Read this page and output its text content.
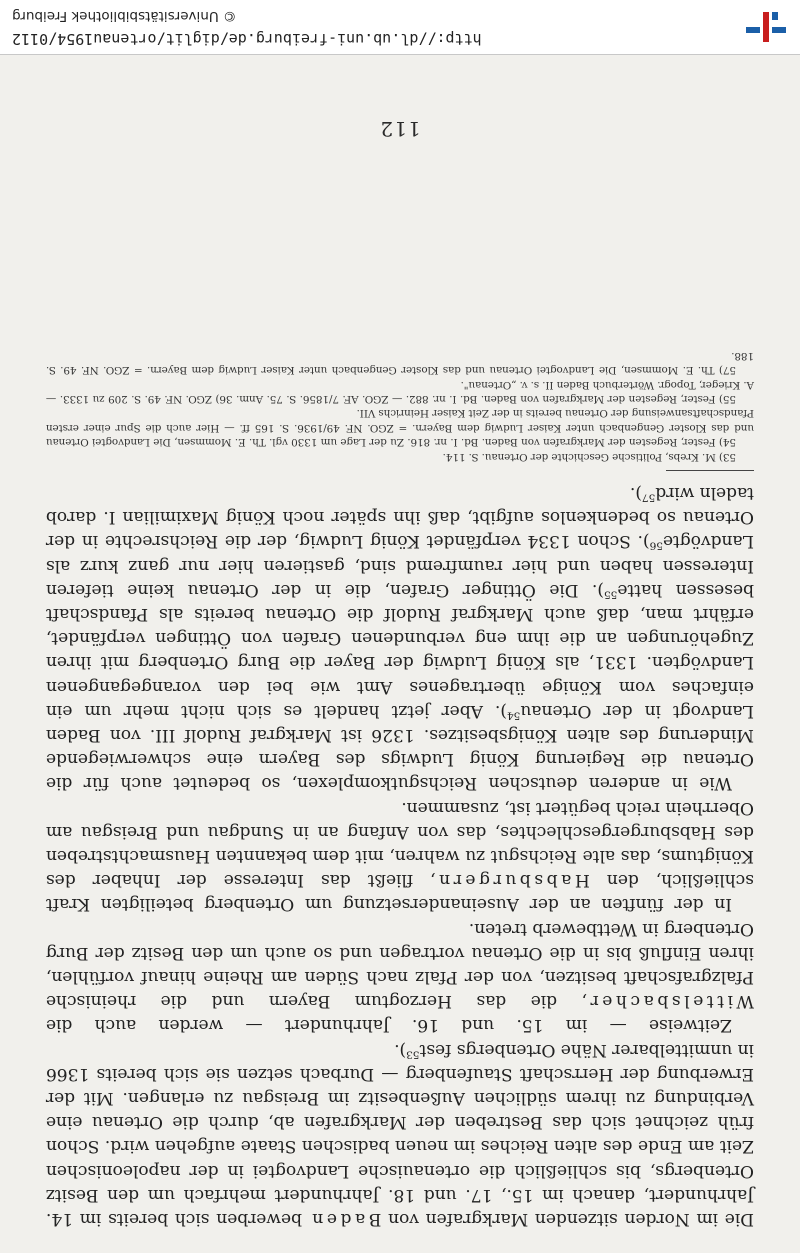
Die im Norden sitzenden Markgrafen von Baden bewerben sich bereits im 14. Jahrhundert, danach im 15., 17. und 18. Jahrhundert mehrfach um den Besitz Ortenbergs, bis schließlich die ortenauische Landvogtei in der napoleonischen Zeit am Ende des alten Reiches im neuen badischen Staate aufgehen wird. Schon früh zeichnet sich das Bestreben der Markgrafen ab, durch die Ortenau eine Verbindung zu ihrem südlichen Außenbesitz im Breisgau zu erlangen. Mit der Erwerbung der Herrschaft Staufenberg — Durbach setzen sie sich bereits 1366 in unmittelbarer Nähe Ortenbergs fest$^{53}$).

Zeitweise — im 15. und 16. Jahrhundert — werden auch die Wittelsbacher, die das Herzogtum Bayern und die rheinische Pfalzgrafschaft besitzen, von der Pfalz nach Süden am Rheine hinauf vorfühlen, ihren Einfluß bis in die Ortenau vortragen und so auch um den Besitz der Burg Ortenberg in Wettbewerb treten.

In der fünften an der Auseinandersetzung um Ortenberg beteiligten Kraft schließlich, den Habsburgern, fließt das Interesse der Inhaber des Königtums, das alte Reichsgut zu wahren, mit dem bekannten Hausmachtstreben des Habsburgergeschlechtes, das von Anfang an in Sundgau und Breisgau am Oberrhein reich begütert ist, zusammen.

Wie in anderen deutschen Reichsgutkomplexen, so bedeutet auch für die Ortenau die Regierung König Ludwigs des Bayern eine schwerwiegende Minderung des alten Königsbesitzes. 1326 ist Markgraf Rudolf III. von Baden Landvogt in der Ortenau$^{54}$). Aber jetzt handelt es sich nicht mehr um ein einfaches vom Könige übertragenes Amt wie bei den vorangegangenen Landvögten. 1331, als König Ludwig der Bayer die Burg Ortenberg mit ihren Zugehörungen an die ihm eng verbundenen Grafen von Öttingen verpfändet, erfährt man, daß auch Markgraf Rudolf die Ortenau bereits als Pfandschaft besessen hatte$^{55}$). Die Öttinger Grafen, die in der Ortenau keine tieferen Interessen haben und hier raumfremd sind, gastieren hier nur ganz kurz als Landvögte$^{56}$). Schon 1334 verpfändet König Ludwig, der die Reichsrechte in der Ortenau so bedenkenlos aufgibt, daß ihn später noch König Maximilian I. darob tadeln wird$^{57}$).

53) M. Krebs, Politische Geschichte der Ortenau. S. 114.

54) Fester, Regesten der Markgrafen von Baden. Bd. I. nr. 816. Zu der Lage um 1330 vgl. Th. E. Mommsen, Die Landvogtei Ortenau und das Kloster Gengenbach unter Kaiser Ludwig dem Bayern. = ZGO. NF. 49/1936. S. 165 ff. — Hier auch die Spur einer ersten Pfandschaftsanweisung der Ortenau bereits in der Zeit Kaiser Heinrichs VII.

55) Fester, Regesten der Markgrafen von Baden. Bd. I. nr. 882. — ZGO. AF. 7/1856. S. 75. Anm. 36) ZGO. NF. 49. S. 209 zu 1333. — A. Krieger, Topogr. Wörterbuch Baden II. s. v. „Ortenau".

57) Th. E. Mommsen, Die Landvogtei Ortenau und das Kloster Gengenbach unter Kaiser Ludwig dem Bayern. = ZGO. NF. 49. S. 188.

112
http://dl.ub.uni-freiburg.de/diglit/ortenau1954/0112
© Universitätsbibliothek Freiburg
